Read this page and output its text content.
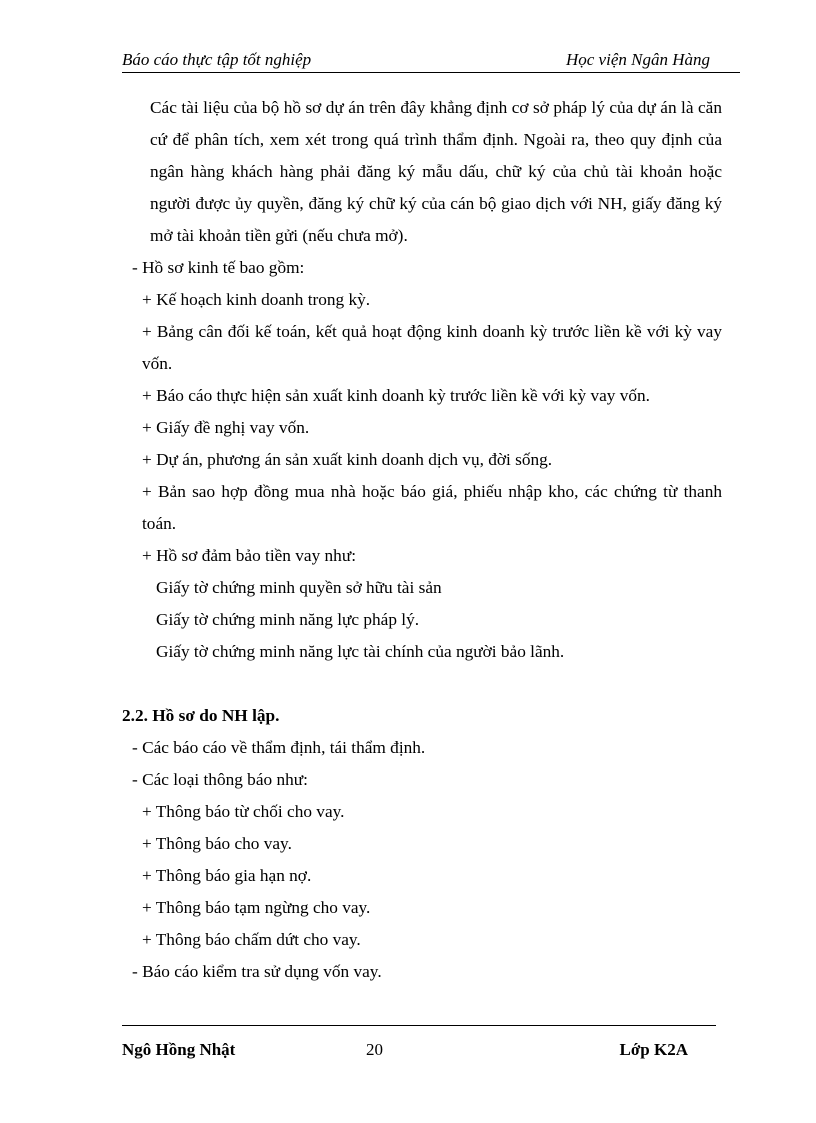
Báo cáo thực tập tốt nghiệp	Học viện Ngân Hàng

Các tài liệu của bộ hồ sơ dự án trên đây khẳng định cơ sở pháp lý của dự án là căn cứ để phân tích, xem xét trong quá trình thẩm định. Ngoài ra, theo quy định của ngân hàng khách hàng phải đăng ký mẫu dấu, chữ ký của chủ tài khoản hoặc người được ủy quyền, đăng ký chữ ký của cán bộ giao dịch với NH, giấy đăng ký mở tài khoản tiền gửi (nếu chưa mở).

- Hồ sơ kinh tế bao gồm:

+ Kế hoạch kinh doanh trong kỳ.

+ Bảng cân đối kế toán, kết quả hoạt động kinh doanh kỳ trước liền kề với kỳ vay vốn.

+ Báo cáo thực hiện sản xuất kinh doanh kỳ trước liền kề với kỳ vay vốn.

+ Giấy đề nghị vay vốn.

+ Dự án, phương án sản xuất kinh doanh dịch vụ, đời sống.

+ Bản sao hợp đồng mua nhà hoặc báo giá, phiếu nhập kho, các chứng từ thanh toán.

+ Hồ sơ đảm bảo tiền vay như:

Giấy tờ chứng minh quyền sở hữu tài sản

Giấy tờ chứng minh năng lực pháp lý.

Giấy tờ chứng minh năng lực tài chính của người bảo lãnh.

2.2. Hồ sơ do NH lập.

- Các báo cáo về thẩm định, tái thẩm định.

- Các loại thông báo như:

+ Thông báo từ chối cho vay.

+ Thông báo cho vay.

+ Thông báo gia hạn nợ.

+ Thông báo tạm ngừng cho vay.

+ Thông báo chấm dứt cho vay.

- Báo cáo kiểm tra sử dụng vốn vay.

Ngô Hồng Nhật	20	Lớp K2A
